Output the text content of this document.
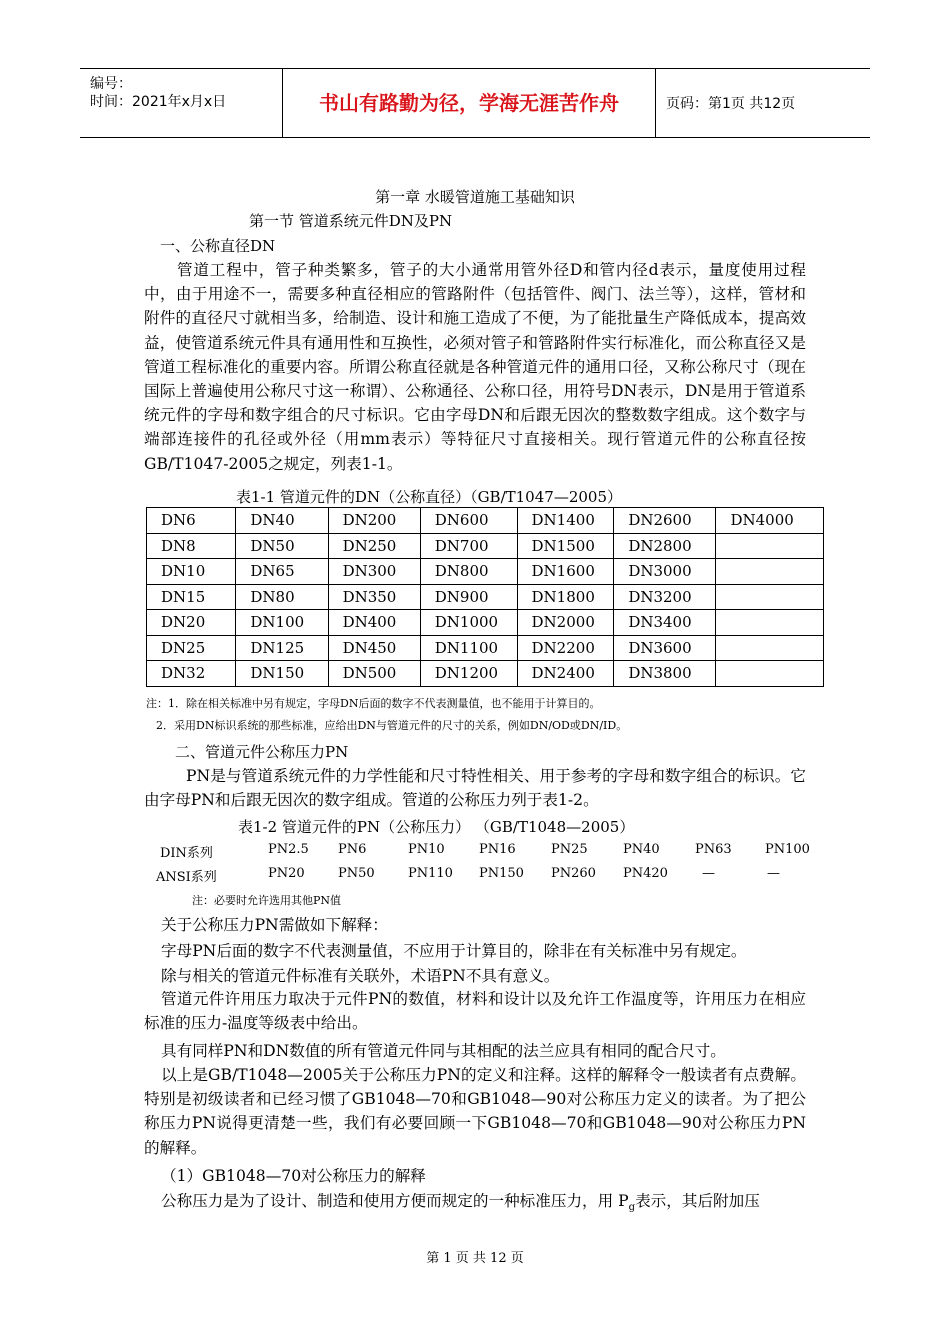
编号：
时间：2021年x月x日	书山有路勤为径，学海无涯苦作舟	页码：第1页 共12页
第一章 水暖管道施工基础知识
第一节 管道系统元件DN及PN
一、公称直径DN
管道工程中，管子种类繁多，管子的大小通常用管外径D和管内径d表示，量度使用过程中，由于用途不一，需要多种直径相应的管路附件（包括管件、阀门、法兰等），这样，管材和附件的直径尺寸就相当多，给制造、设计和施工造成了不便，为了能批量生产降低成本，提高效益，使管道系统元件具有通用性和互换性，必须对管子和管路附件实行标准化，而公称直径又是管道工程标准化的重要内容。所谓公称直径就是各种管道元件的通用口径，又称公称尺寸（现在国际上普遍使用公称尺寸这一称谓）、公称通径、公称口径，用符号DN表示，DN是用于管道系统元件的字母和数字组合的尺寸标识。它由字母DN和后跟无因次的整数数字组成。这个数字与端部连接件的孔径或外径（用mm表示）等特征尺寸直接相关。现行管道元件的公称直径按GB/T1047-2005之规定，列表1-1。
表1-1 管道元件的DN（公称直径）（GB/T1047—2005）
DN6	DN40	DN200	DN600	DN1400	DN2600	DN4000
DN8	DN50	DN250	DN700	DN1500	DN2800	
DN10	DN65	DN300	DN800	DN1600	DN3000	
DN15	DN80	DN350	DN900	DN1800	DN3200	
DN20	DN100	DN400	DN1000	DN2000	DN3400	
DN25	DN125	DN450	DN1100	DN2200	DN3600	
DN32	DN150	DN500	DN1200	DN2400	DN3800	
注：1．除在相关标准中另有规定，字母DN后面的数字不代表测量值，也不能用于计算目的。
2．采用DN标识系统的那些标准，应给出DN与管道元件的尺寸的关系，例如DN/OD或DN/ID。
二、管道元件公称压力PN
PN是与管道系统元件的力学性能和尺寸特性相关、用于参考的字母和数字组合的标识。它由字母PN和后跟无因次的数字组成。管道的公称压力列于表1-2。
表1-2 管道元件的PN（公称压力） （GB/T1048—2005）
DIN系列	PN2.5 PN6	PN10	PN16	PN25	PN40	PN63	PN100
ANSI系列	PN20	PN50	PN110 PN150 PN260 PN420	—	—
注：必要时允许选用其他PN值
关于公称压力PN需做如下解释：
字母PN后面的数字不代表测量值，不应用于计算目的，除非在有关标准中另有规定。
除与相关的管道元件标准有关联外，术语PN不具有意义。
管道元件许用压力取决于元件PN的数值，材料和设计以及允许工作温度等，许用压力在相应标准的压力-温度等级表中给出。
具有同样PN和DN数值的所有管道元件同与其相配的法兰应具有相同的配合尺寸。
以上是GB/T1048—2005关于公称压力PN的定义和注释。这样的解释令一般读者有点费解。特别是初级读者和已经习惯了GB1048—70和GB1048—90对公称压力定义的读者。为了把公称压力PN说得更清楚一些，我们有必要回顾一下GB1048—70和GB1048—90对公称压力PN的解释。
（1）GB1048—70对公称压力的解释
公称压力是为了设计、制造和使用方便而规定的一种标准压力，用 $P_g$表示，其后附加压
第 1 页 共 12 页
